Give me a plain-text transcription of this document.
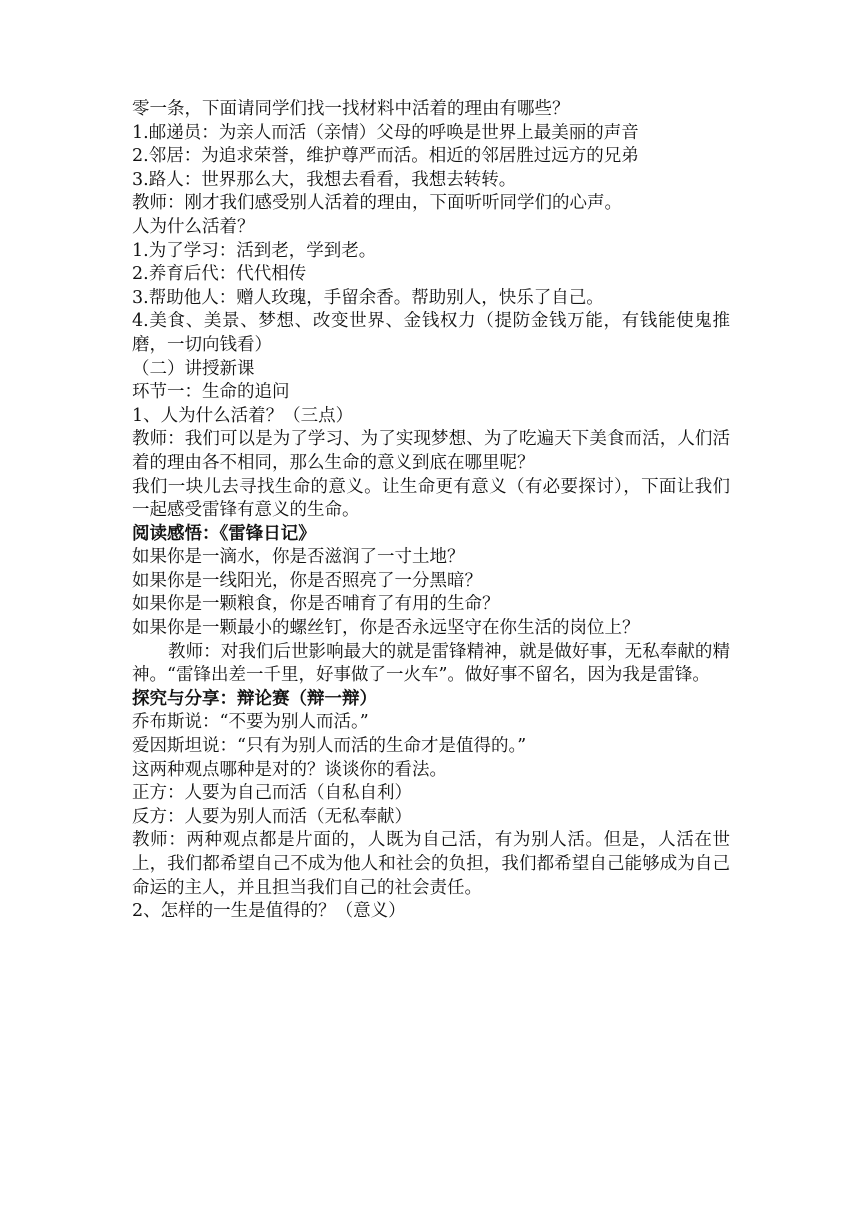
零一条，下面请同学们找一找材料中活着的理由有哪些？
1.邮递员：为亲人而活（亲情）父母的呼唤是世界上最美丽的声音
2.邻居：为追求荣誉，维护尊严而活。相近的邻居胜过远方的兄弟
3.路人：世界那么大，我想去看看，我想去转转。
教师：刚才我们感受别人活着的理由，下面听听同学们的心声。
人为什么活着？
1.为了学习：活到老，学到老。
2.养育后代：代代相传
3.帮助他人：赠人玫瑰，手留余香。帮助别人，快乐了自己。
4.美食、美景、梦想、改变世界、金钱权力（提防金钱万能，有钱能使鬼推磨，一切向钱看）
（二）讲授新课
环节一：生命的追问
1、人为什么活着？（三点）
教师：我们可以是为了学习、为了实现梦想、为了吃遍天下美食而活，人们活着的理由各不相同，那么生命的意义到底在哪里呢？
我们一块儿去寻找生命的意义。让生命更有意义（有必要探讨），下面让我们一起感受雷锋有意义的生命。
阅读感悟：《雷锋日记》
如果你是一滴水，你是否滋润了一寸土地？
如果你是一线阳光，你是否照亮了一分黑暗？
如果你是一颗粮食，你是否哺育了有用的生命？
如果你是一颗最小的螺丝钉，你是否永远坚守在你生活的岗位上？
教师：对我们后世影响最大的就是雷锋精神，就是做好事，无私奉献的精神。“雷锋出差一千里，好事做了一火车”。做好事不留名，因为我是雷锋。
探究与分享：辩论赛（辩一辩）
乔布斯说：“不要为别人而活。”
爱因斯坦说：“只有为别人而活的生命才是值得的。”
这两种观点哪种是对的？谈谈你的看法。
正方：人要为自己而活（自私自利）
反方：人要为别人而活（无私奉献）
教师：两种观点都是片面的，人既为自己活，有为别人活。但是，人活在世上，我们都希望自己不成为他人和社会的负担，我们都希望自己能够成为自己命运的主人，并且担当我们自己的社会责任。
2、怎样的一生是值得的？（意义）
